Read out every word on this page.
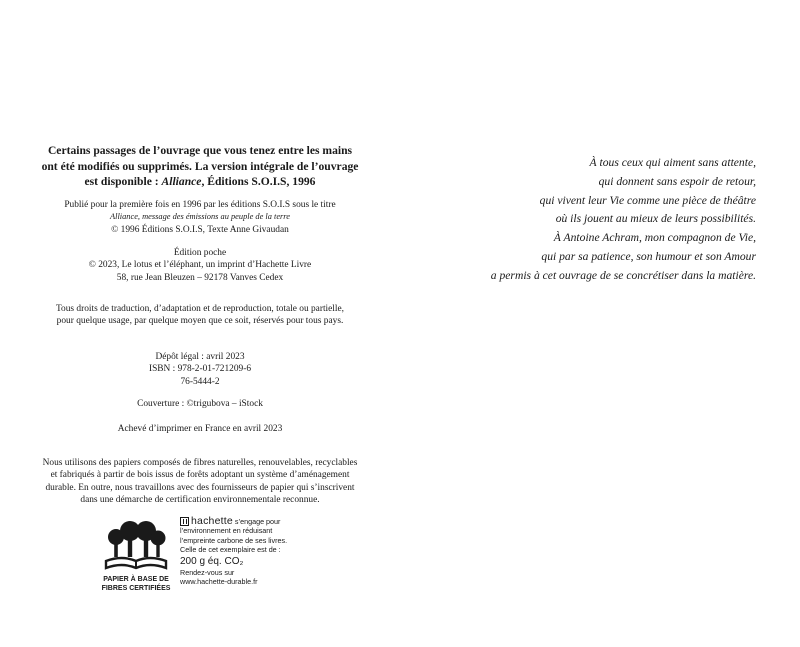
Certains passages de l’ouvrage que vous tenez entre les mains
ont été modifiés ou supprimés. La version intégrale de l’ouvrage
est disponible : Alliance, Éditions S.O.I.S, 1996
Publié pour la première fois en 1996 par les éditions S.O.I.S sous le titre
Alliance, message des émissions au peuple de la terre
© 1996 Éditions S.O.I.S, Texte Anne Givaudan
Édition poche
© 2023, Le lotus et l’éléphant, un imprint d’Hachette Livre
58, rue Jean Bleuzen – 92178 Vanves Cedex
Tous droits de traduction, d’adaptation et de reproduction, totale ou partielle,
pour quelque usage, par quelque moyen que ce soit, réservés pour tous pays.
Dépôt légal : avril 2023
ISBN : 978-2-01-721209-6
76-5444-2
Couverture : ©trigubova – iStock
Achevé d’imprimer en France en avril 2023
Nous utilisons des papiers composés de fibres naturelles, renouvelables, recyclables
et fabriqués à partir de bois issus de forêts adoptant un système d’aménagement
durable. En outre, nous travaillons avec des fournisseurs de papier qui s’inscrivent
dans une démarche de certification environnementale reconnue.
PAPIER À BASE DE
FIBRES CERTIFIÉES
hachette s’engage pour
l’environnement en réduisant
l’empreinte carbone de ses livres.
Celle de cet exemplaire est de :
200 g éq. CO₂
Rendez-vous sur
www.hachette-durable.fr
À tous ceux qui aiment sans attente,
qui donnent sans espoir de retour,
qui vivent leur Vie comme une pièce de théâtre
où ils jouent au mieux de leurs possibilités.
À Antoine Achram, mon compagnon de Vie,
qui par sa patience, son humour et son Amour
a permis à cet ouvrage de se concrétiser dans la matière.
